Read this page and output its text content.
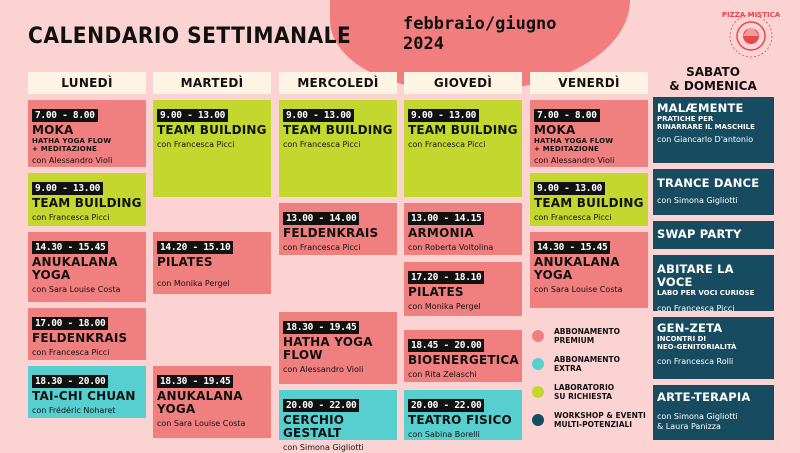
CALENDARIO SETTIMANALE	febbraio/giugno
2024
PIZZA MISTICA
LUNEDÌ	MARTEDÌ	MERCOLEDÌ	GIOVEDÌ	VENERDÌ
SABATO
& DOMENICA
7.00 - 8.00
MOKA
HATHA YOGA FLOW
+ MEDITAZIONE
con Alessandro Violi
9.00 - 13.00
TEAM BUILDING
con Francesca Picci
14.30 - 15.45
ANUKALANA YOGA
con Sara Louise Costa
17.00 - 18.00
FELDENKRAIS
con Francesca Picci
18.30 - 20.00
TAI-CHI CHUAN
con Frédéric Noharet
9.00 - 13.00
TEAM BUILDING
con Francesca Picci
14.20 - 15.10
PILATES
con Monika Pergel
18.30 - 19.45
ANUKALANA YOGA
con Sara Louise Costa
9.00 - 13.00
TEAM BUILDING
con Francesca Picci
13.00 - 14.00
FELDENKRAIS
con Francesca Picci
18.30 - 19.45
HATHA YOGA FLOW
con Alessandro Violi
20.00 - 22.00
CERCHIO GESTALT
con Simona Gigliotti
9.00 - 13.00
TEAM BUILDING
con Francesca Picci
13.00 - 14.15
ARMONIA
con Roberta Voltolina
17.20 - 18.10
PILATES
con Monika Pergel
18.45 - 20.00
BIOENERGETICA
con Rita Zelaschi
20.00 - 22.00
TEATRO FISICO
con Sabina Borelli
7.00 - 8.00
MOKA
HATHA YOGA FLOW
+ MEDITAZIONE
con Alessandro Violi
9.00 - 13.00
TEAM BUILDING
con Francesca Picci
14.30 - 15.45
ANUKALANA YOGA
con Sara Louise Costa
ABBONAMENTO
PREMIUM
ABBONAMENTO
EXTRA
LABORATORIO
SU RICHIESTA
WORKSHOP & EVENTI
MULTI-POTENZIALI
MALÆMENTE
PRATICHE PER
RINARRARE IL MASCHILE
con Giancarlo D'antonio
TRANCE DANCE
con Simona Gigliotti
SWAP PARTY
ABITARE LA VOCE
LABO PER VOCI CURIOSE
con Francesca Picci
GEN-ZETA
INCONTRI DI
NEO-GENITORIALITÀ
con Francesca Rolli
ARTE-TERAPIA
con Simona Gigliotti
& Laura Panizza
